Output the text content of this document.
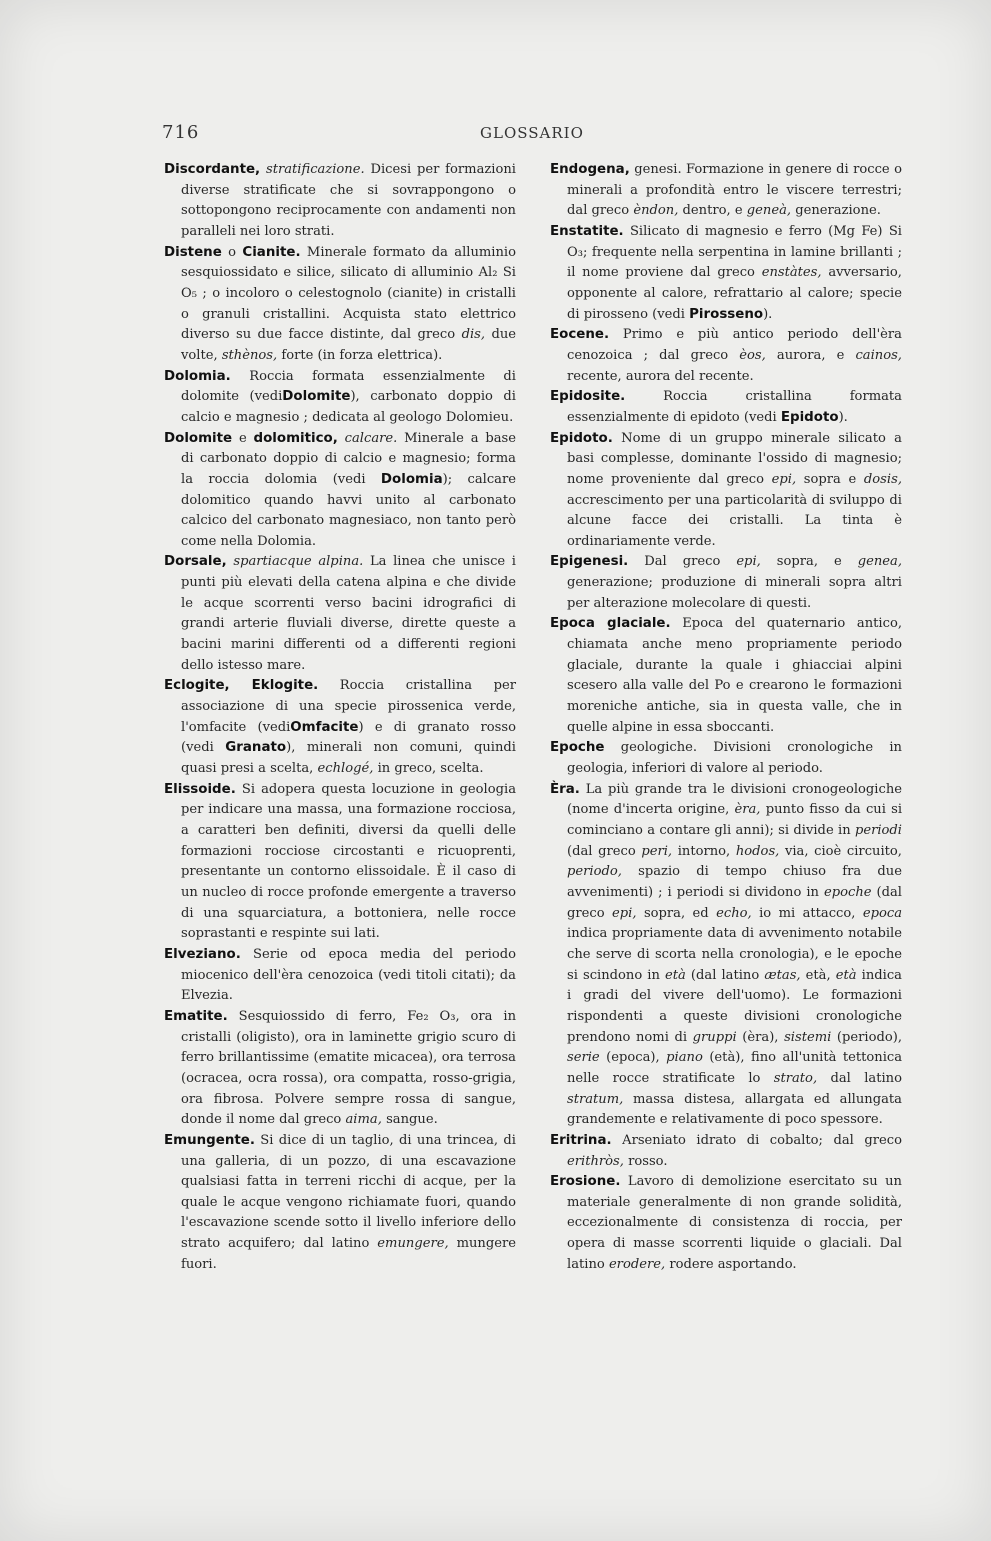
716	GLOSSARIO

Discordante, stratificazione. Dicesi per formazioni diverse stratificate che si sovrappongono o sottopongono reciprocamente con andamenti non paralleli nei loro strati.

Distene o Cianite. Minerale formato da alluminio sesquiossidato e silice, silicato di alluminio Al₂ Si O₅ ; o incoloro o celestognolo (cianite) in cristalli o granuli cristallini. Acquista stato elettrico diverso su due facce distinte, dal greco dis, due volte, sthènos, forte (in forza elettrica).

Dolomia. Roccia formata essenzialmente di dolomite (vediDolomite), carbonato doppio di calcio e magnesio ; dedicata al geologo Dolomieu.

Dolomite e dolomitico, calcare. Minerale a base di carbonato doppio di calcio e magnesio; forma la roccia dolomia (vedi Dolomia); calcare dolomitico quando havvi unito al carbonato calcico del carbonato magnesiaco, non tanto però come nella Dolomia.

Dorsale, spartiacque alpina. La linea che unisce i punti più elevati della catena alpina e che divide le acque scorrenti verso bacini idrografici di grandi arterie fluviali diverse, dirette queste a bacini marini differenti od a differenti regioni dello istesso mare.

Eclogite, Eklogite. Roccia cristallina per associazione di una specie pirossenica verde, l'omfacite (vediOmfacite) e di granato rosso (vedi Granato), minerali non comuni, quindi quasi presi a scelta, echlogé, in greco, scelta.

Elissoide. Si adopera questa locuzione in geologia per indicare una massa, una formazione rocciosa, a caratteri ben definiti, diversi da quelli delle formazioni rocciose circostanti e ricuoprenti, presentante un contorno elissoidale. È il caso di un nucleo di rocce profonde emergente a traverso di una squarciatura, a bottoniera, nelle rocce soprastanti e respinte sui lati.

Elveziano. Serie od epoca media del periodo miocenico dell'èra cenozoica (vedi titoli citati); da Elvezia.

Ematite. Sesquiossido di ferro, Fe₂ O₃, ora in cristalli (oligisto), ora in laminette grigio scuro di ferro brillantissime (ematite micacea), ora terrosa (ocracea, ocra rossa), ora compatta, rosso-grigia, ora fibrosa. Polvere sempre rossa di sangue, donde il nome dal greco aima, sangue.

Emungente. Si dice di un taglio, di una trincea, di una galleria, di un pozzo, di una escavazione qualsiasi fatta in terreni ricchi di acque, per la quale le acque vengono richiamate fuori, quando l'escavazione scende sotto il livello inferiore dello strato acquifero; dal latino emungere, mungere fuori.

Endogena, genesi. Formazione in genere di rocce o minerali a profondità entro le viscere terrestri; dal greco èndon, dentro, e geneà, generazione.

Enstatite. Silicato di magnesio e ferro (Mg Fe) Si O₃; frequente nella serpentina in lamine brillanti ; il nome proviene dal greco enstàtes, avversario, opponente al calore, refrattario al calore; specie di pirosseno (vedi Pirosseno).

Eocene. Primo e più antico periodo dell'èra cenozoica ; dal greco èos, aurora, e cainos, recente, aurora del recente.

Epidosite.	Roccia cristallina formata essenzialmente di epidoto (vedi Epidoto).

Epidoto. Nome di un gruppo minerale silicato a basi complesse, dominante l'ossido di magnesio; nome proveniente dal greco epi, sopra e dosis, accrescimento per una particolarità di sviluppo di alcune facce dei cristalli. La tinta è ordinariamente verde.

Epigenesi. Dal greco epi, sopra, e genea, generazione; produzione di minerali sopra altri per alterazione molecolare di questi.

Epoca glaciale. Epoca del quaternario antico, chiamata anche meno propriamente periodo glaciale, durante la quale i ghiacciai alpini scesero alla valle del Po e crearono le formazioni moreniche antiche, sia in questa valle, che in quelle alpine in essa sboccanti.

Epoche geologiche. Divisioni cronologiche in geologia, inferiori di valore al periodo.

Èra. La più grande tra le divisioni cronogeologiche (nome d'incerta origine, èra, punto fisso da cui si cominciano a contare gli anni); si divide in periodi (dal greco peri, intorno, hodos, via, cioè circuito, periodo, spazio di tempo chiuso fra due avvenimenti) ; i periodi si dividono in epoche (dal greco epi, sopra, ed echo, io mi attacco, epoca indica propriamente data di avvenimento notabile che serve di scorta nella cronologia), e le epoche si scindono in età (dal latino ætas, età, età indica i gradi del vivere dell'uomo). Le formazioni rispondenti a queste divisioni cronologiche prendono nomi di gruppi (èra), sistemi (periodo), serie (epoca), piano (età), fino all'unità tettonica nelle rocce stratificate lo strato, dal latino stratum, massa distesa, allargata ed allungata grandemente e relativamente di poco spessore.

Eritrina. Arseniato idrato di cobalto; dal greco erithròs, rosso.

Erosione. Lavoro di demolizione esercitato su un materiale generalmente di non grande solidità, eccezionalmente di consistenza di roccia, per opera di masse scorrenti liquide o glaciali. Dal latino erodere, rodere asportando.
